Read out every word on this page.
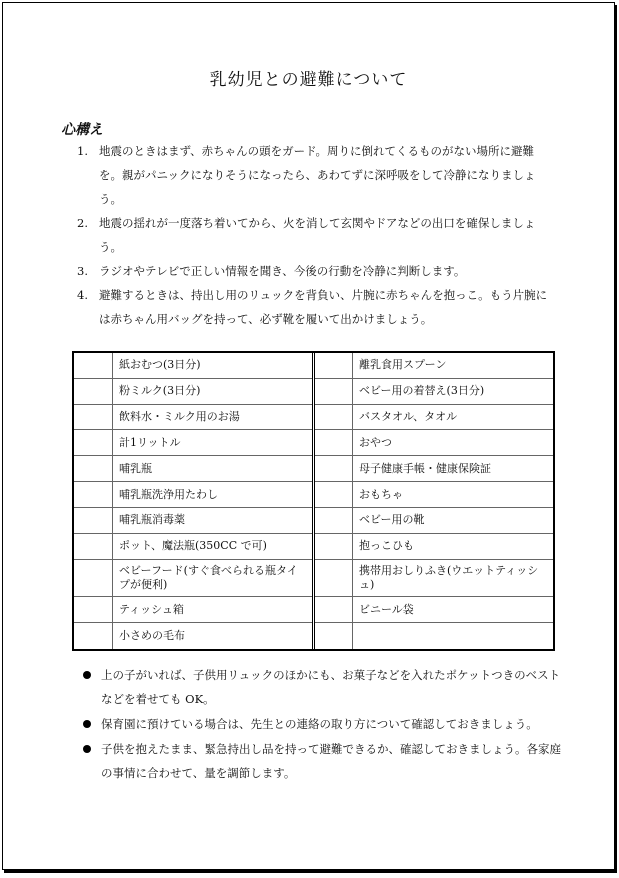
乳幼児との避難について
心構え
1. 地震のときはまず、赤ちゃんの頭をガード。周りに倒れてくるものがない場所に避難を。親がパニックになりそうになったら、あわてずに深呼吸をして冷静になりましょう。
2. 地震の揺れが一度落ち着いてから、火を消して玄関やドアなどの出口を確保しましょう。
3. ラジオやテレビで正しい情報を聞き、今後の行動を冷静に判断します。
4. 避難するときは、持出し用のリュックを背負い、片腕に赤ちゃんを抱っこ。もう片腕には赤ちゃん用バッグを持って、必ず靴を履いて出かけましょう。
紙おむつ(3日分)
粉ミルク(3日分)
飲料水・ミルク用のお湯
計1リットル
哺乳瓶
哺乳瓶洗浄用たわし
哺乳瓶消毒薬
ポット、魔法瓶(350CC で可)
ベビーフード(すぐ食べられる瓶タイプが便利)
ティッシュ箱
小さめの毛布
離乳食用スプーン
ベビー用の着替え(3日分)
バスタオル、タオル
おやつ
母子健康手帳・健康保険証
おもちゃ
ベビー用の靴
抱っこひも
携帯用おしりふき(ウエットティッシュ)
ビニール袋
上の子がいれば、子供用リュックのほかにも、お菓子などを入れたポケットつきのベストなどを着せても OK。
保育園に預けている場合は、先生との連絡の取り方について確認しておきましょう。
子供を抱えたまま、緊急持出し品を持って避難できるか、確認しておきましょう。各家庭の事情に合わせて、量を調節します。
